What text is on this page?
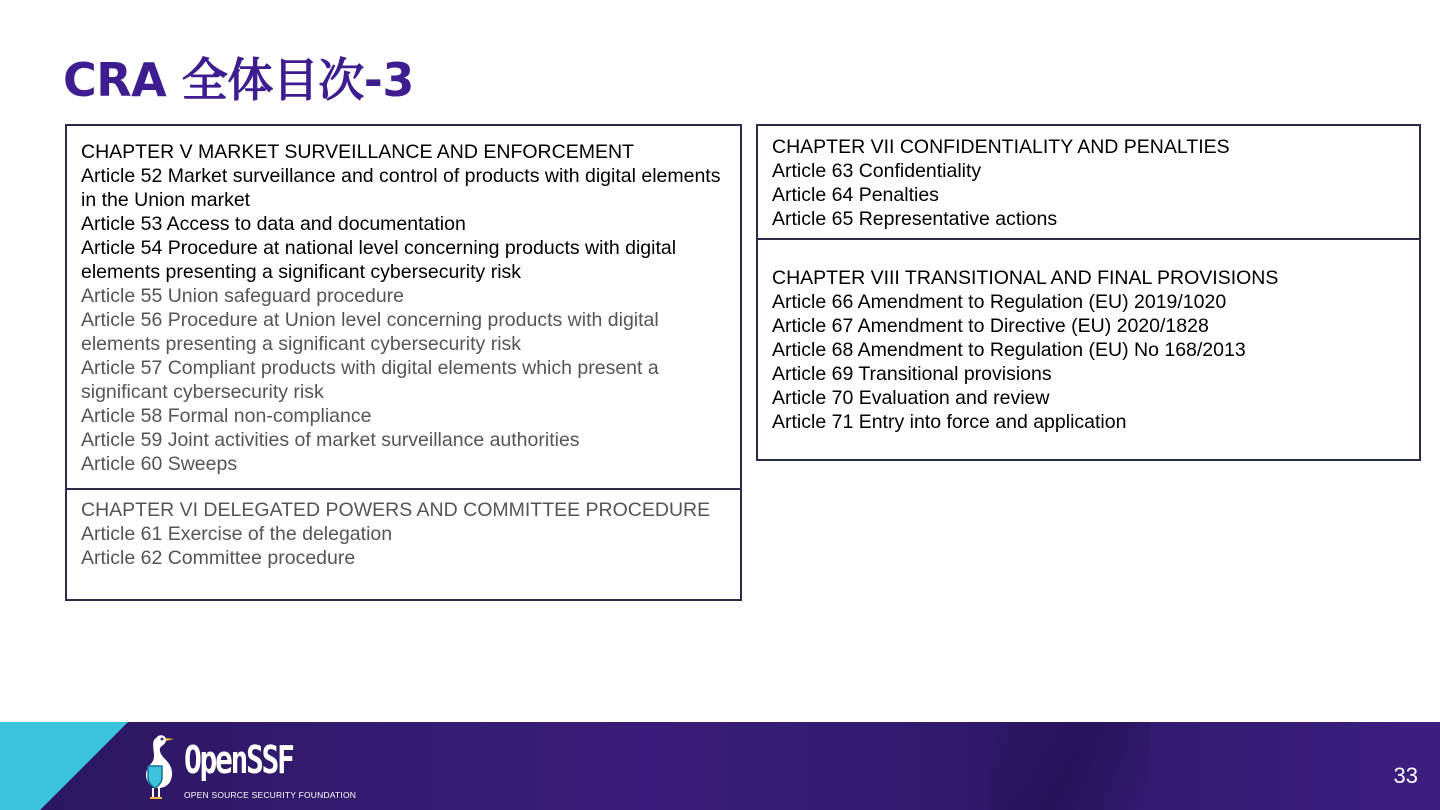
CRA 全体目次-3
CHAPTER V MARKET SURVEILLANCE AND ENFORCEMENT
Article 52 Market surveillance and control of products with digital elements in the Union market
Article 53 Access to data and documentation
Article 54 Procedure at national level concerning products with digital elements presenting a significant cybersecurity risk
Article 55 Union safeguard procedure
Article 56 Procedure at Union level concerning products with digital elements presenting a significant cybersecurity risk
Article 57 Compliant products with digital elements which present a significant cybersecurity risk
Article 58 Formal non-compliance
Article 59 Joint activities of market surveillance authorities
Article 60 Sweeps
CHAPTER VI DELEGATED POWERS AND COMMITTEE PROCEDURE
Article 61 Exercise of the delegation
Article 62 Committee procedure
CHAPTER VII CONFIDENTIALITY AND PENALTIES
Article 63 Confidentiality
Article 64 Penalties
Article 65 Representative actions
CHAPTER VIII TRANSITIONAL AND FINAL PROVISIONS
Article 66 Amendment to Regulation (EU) 2019/1020
Article 67 Amendment to Directive (EU) 2020/1828
Article 68 Amendment to Regulation (EU) No 168/2013
Article 69 Transitional provisions
Article 70 Evaluation and review
Article 71 Entry into force and application
OpenSSF
OPEN SOURCE SECURITY FOUNDATION
33
